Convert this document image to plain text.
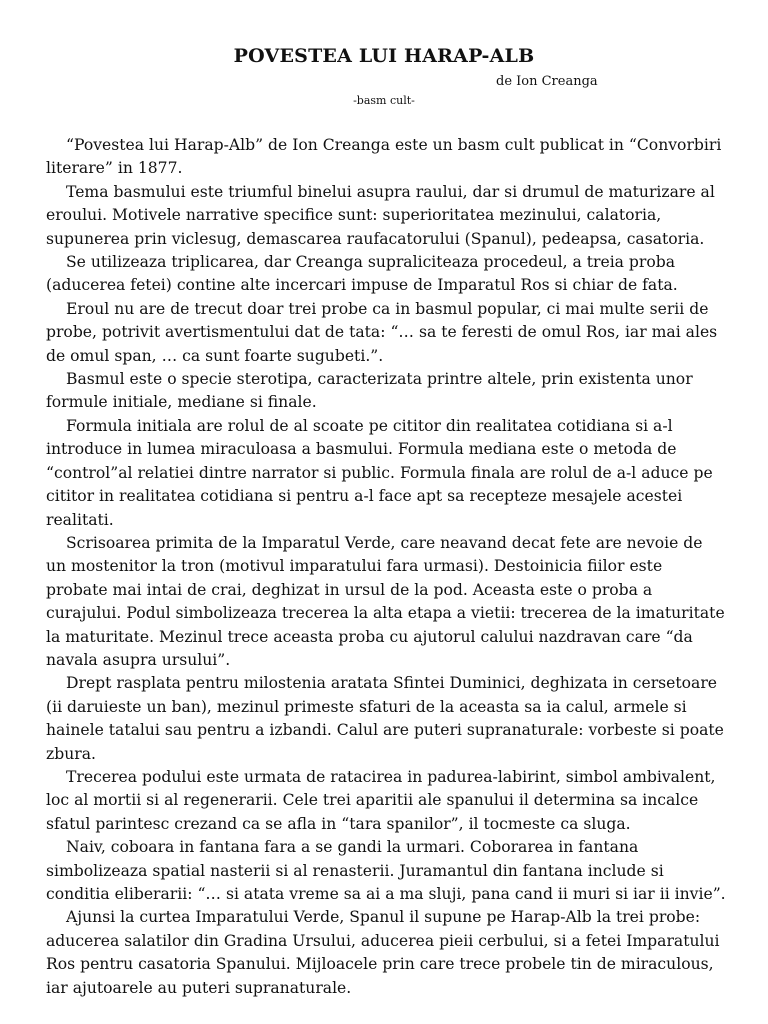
POVESTEA LUI HARAP-ALB
de Ion Creanga
-basm cult-

“Povestea lui Harap-Alb” de Ion Creanga este un basm cult publicat in “Convorbiri literare” in 1877.

Tema basmului este triumful binelui asupra raului, dar si drumul de maturizare al eroului. Motivele narrative specifice sunt: superioritatea mezinului, calatoria, supunerea prin viclesug, demascarea raufacatorului (Spanul), pedeapsa, casatoria.

Se utilizeaza triplicarea, dar Creanga supraliciteaza procedeul, a treia proba (aducerea fetei) contine alte incercari impuse de Imparatul Ros si chiar de fata.

Eroul nu are de trecut doar trei probe ca in basmul popular, ci mai multe serii de probe, potrivit avertismentului dat de tata: “… sa te feresti de omul Ros, iar mai ales de omul span, … ca sunt foarte sugubeti.”.

Basmul este o specie sterotipa, caracterizata printre altele, prin existenta unor formule initiale, mediane si finale.

Formula initiala are rolul de al scoate pe cititor din realitatea cotidiana si a-l introduce in lumea miraculoasa a basmului. Formula mediana este o metoda de “control”al relatiei dintre narrator si public. Formula finala are rolul de a-l aduce pe cititor in realitatea cotidiana si pentru a-l face apt sa recepteze mesajele acestei realitati.

Scrisoarea primita de la Imparatul Verde, care neavand decat fete are nevoie de un mostenitor la tron (motivul imparatului fara urmasi). Destoinicia fiilor este probate mai intai de crai, deghizat in ursul de la pod. Aceasta este o proba a curajului. Podul simbolizeaza trecerea la alta etapa a vietii: trecerea de la imaturitate la maturitate. Mezinul trece aceasta proba cu ajutorul calului nazdravan care “da navala asupra ursului”.

Drept rasplata pentru milostenia aratata Sfintei Duminici, deghizata in cersetoare (ii daruieste un ban), mezinul primeste sfaturi de la aceasta sa ia calul, armele si hainele tatalui sau pentru a izbandi. Calul are puteri supranaturale: vorbeste si poate zbura.

Trecerea podului este urmata de ratacirea in padurea-labirint, simbol ambivalent, loc al mortii si al regenerarii. Cele trei aparitii ale spanului il determina sa incalce sfatul parintesc crezand ca se afla in “tara spanilor”, il tocmeste ca sluga.

Naiv, coboara in fantana fara a se gandi la urmari. Coborarea in fantana simbolizeaza spatial nasterii si al renasterii. Juramantul din fantana include si conditia eliberarii: “… si atata vreme sa ai a ma sluji, pana cand ii muri si iar ii invie”.

Ajunsi la curtea Imparatului Verde, Spanul il supune pe Harap-Alb la trei probe: aducerea salatilor din Gradina Ursului, aducerea pieii cerbului, si a fetei Imparatului Ros pentru casatoria Spanului. Mijloacele prin care trece probele tin de miraculous, iar ajutoarele au puteri supranaturale.
